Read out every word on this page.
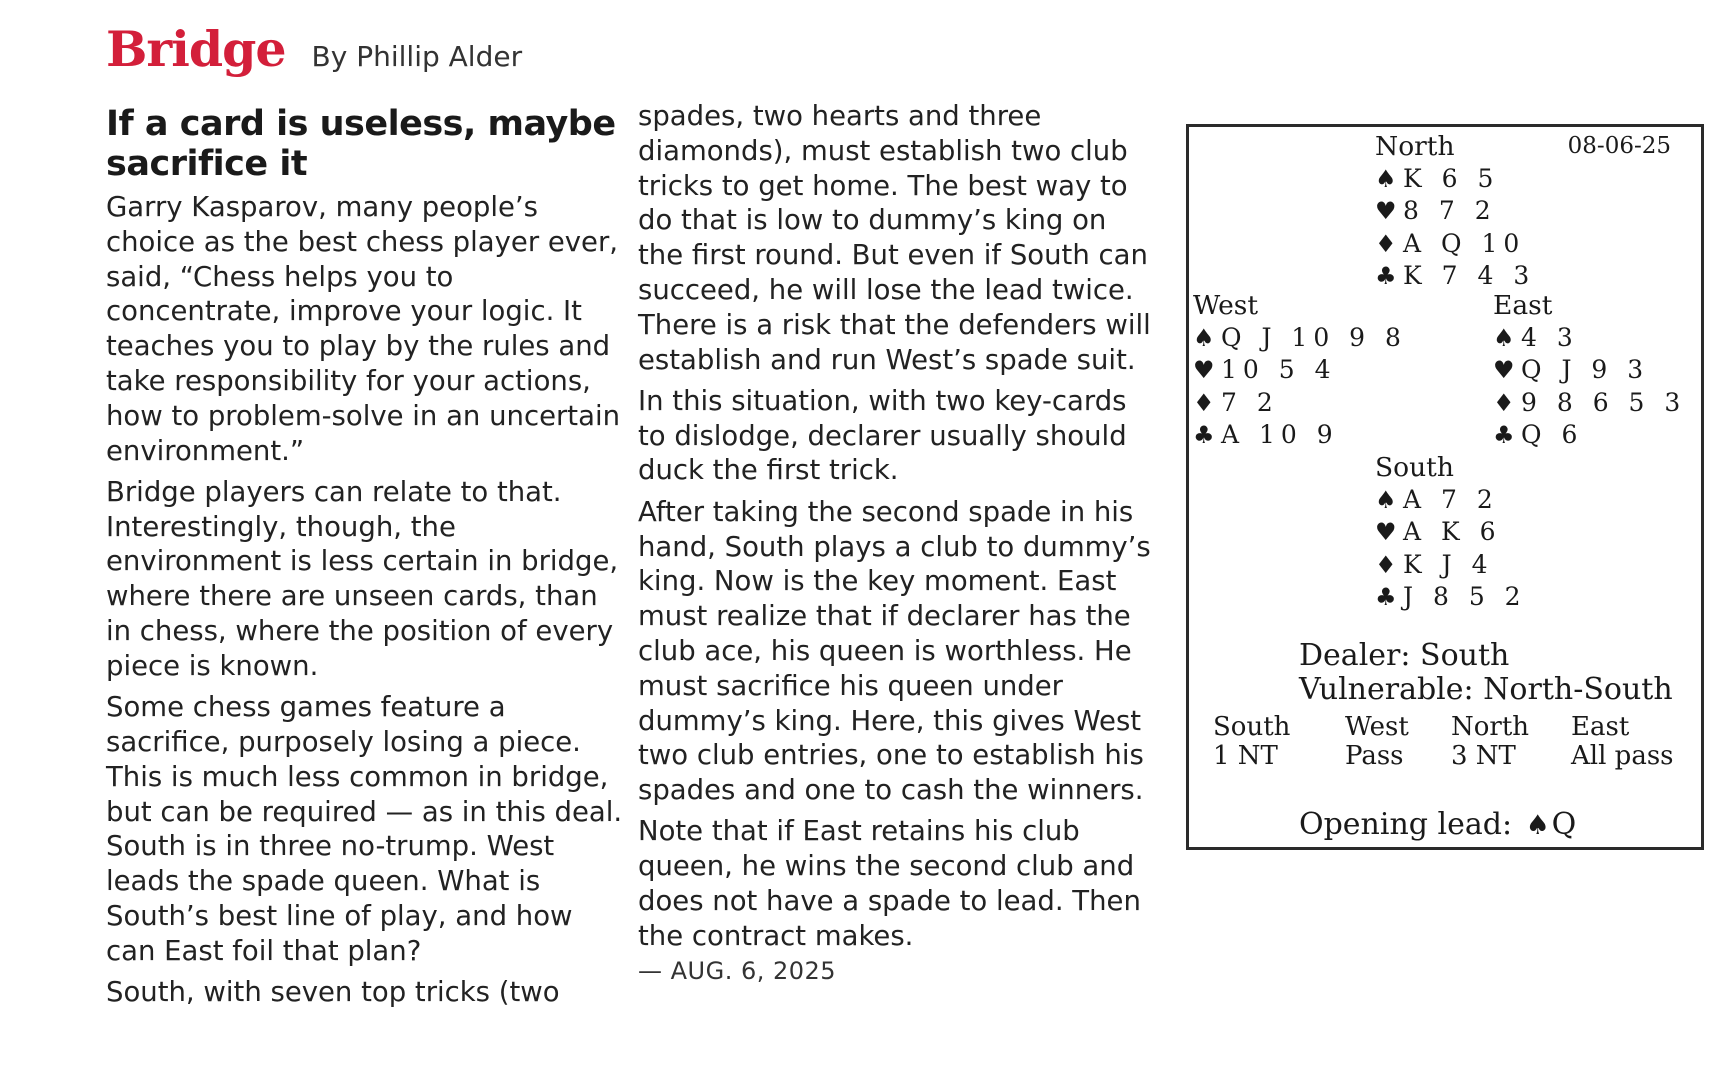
Bridge By Phillip Alder
If a card is useless, maybe sacrifice it

Garry Kasparov, many people’s choice as the best chess player ever, said, “Chess helps you to concentrate, improve your logic. It teaches you to play by the rules and take responsibility for your actions, how to problem-solve in an uncertain environment.”

Bridge players can relate to that. Interestingly, though, the environment is less certain in bridge, where there are unseen cards, than in chess, where the position of every piece is known.

Some chess games feature a sacrifice, purposely losing a piece. This is much less common in bridge, but can be required — as in this deal. South is in three no-trump. West leads the spade queen. What is South’s best line of play, and how can East foil that plan?

South, with seven top tricks (two

spades, two hearts and three diamonds), must establish two club tricks to get home. The best way to do that is low to dummy’s king on the first round. But even if South can succeed, he will lose the lead twice. There is a risk that the defenders will establish and run West’s spade suit.

In this situation, with two key-cards to dislodge, declarer usually should duck the first trick.

After taking the second spade in his hand, South plays a club to dummy’s king. Now is the key moment. East must realize that if declarer has the club ace, his queen is worthless. He must sacrifice his queen under dummy’s king. Here, this gives West two club entries, one to establish his spades and one to cash the winners.

Note that if East retains his club queen, he wins the second club and does not have a spade to lead. Then the contract makes.

— AUG. 6, 2025
08-06-25
North
♠ K 6 5
♥ 8 7 2
♦ A Q 10
♣ K 7 4 3
West
♠ Q J 10 9 8
♥ 10 5 4
♦ 7 2
♣ A 10 9
East
♠ 4 3
♥ Q J 9 3
♦ 9 8 6 5 3
♣ Q 6
South
♠ A 7 2
♥ A K 6
♦ K J 4
♣ J 8 5 2
Dealer: South
Vulnerable: North-South
South
1 NT
West
Pass
North
3 NT
East
All pass
Opening lead: ♠Q
